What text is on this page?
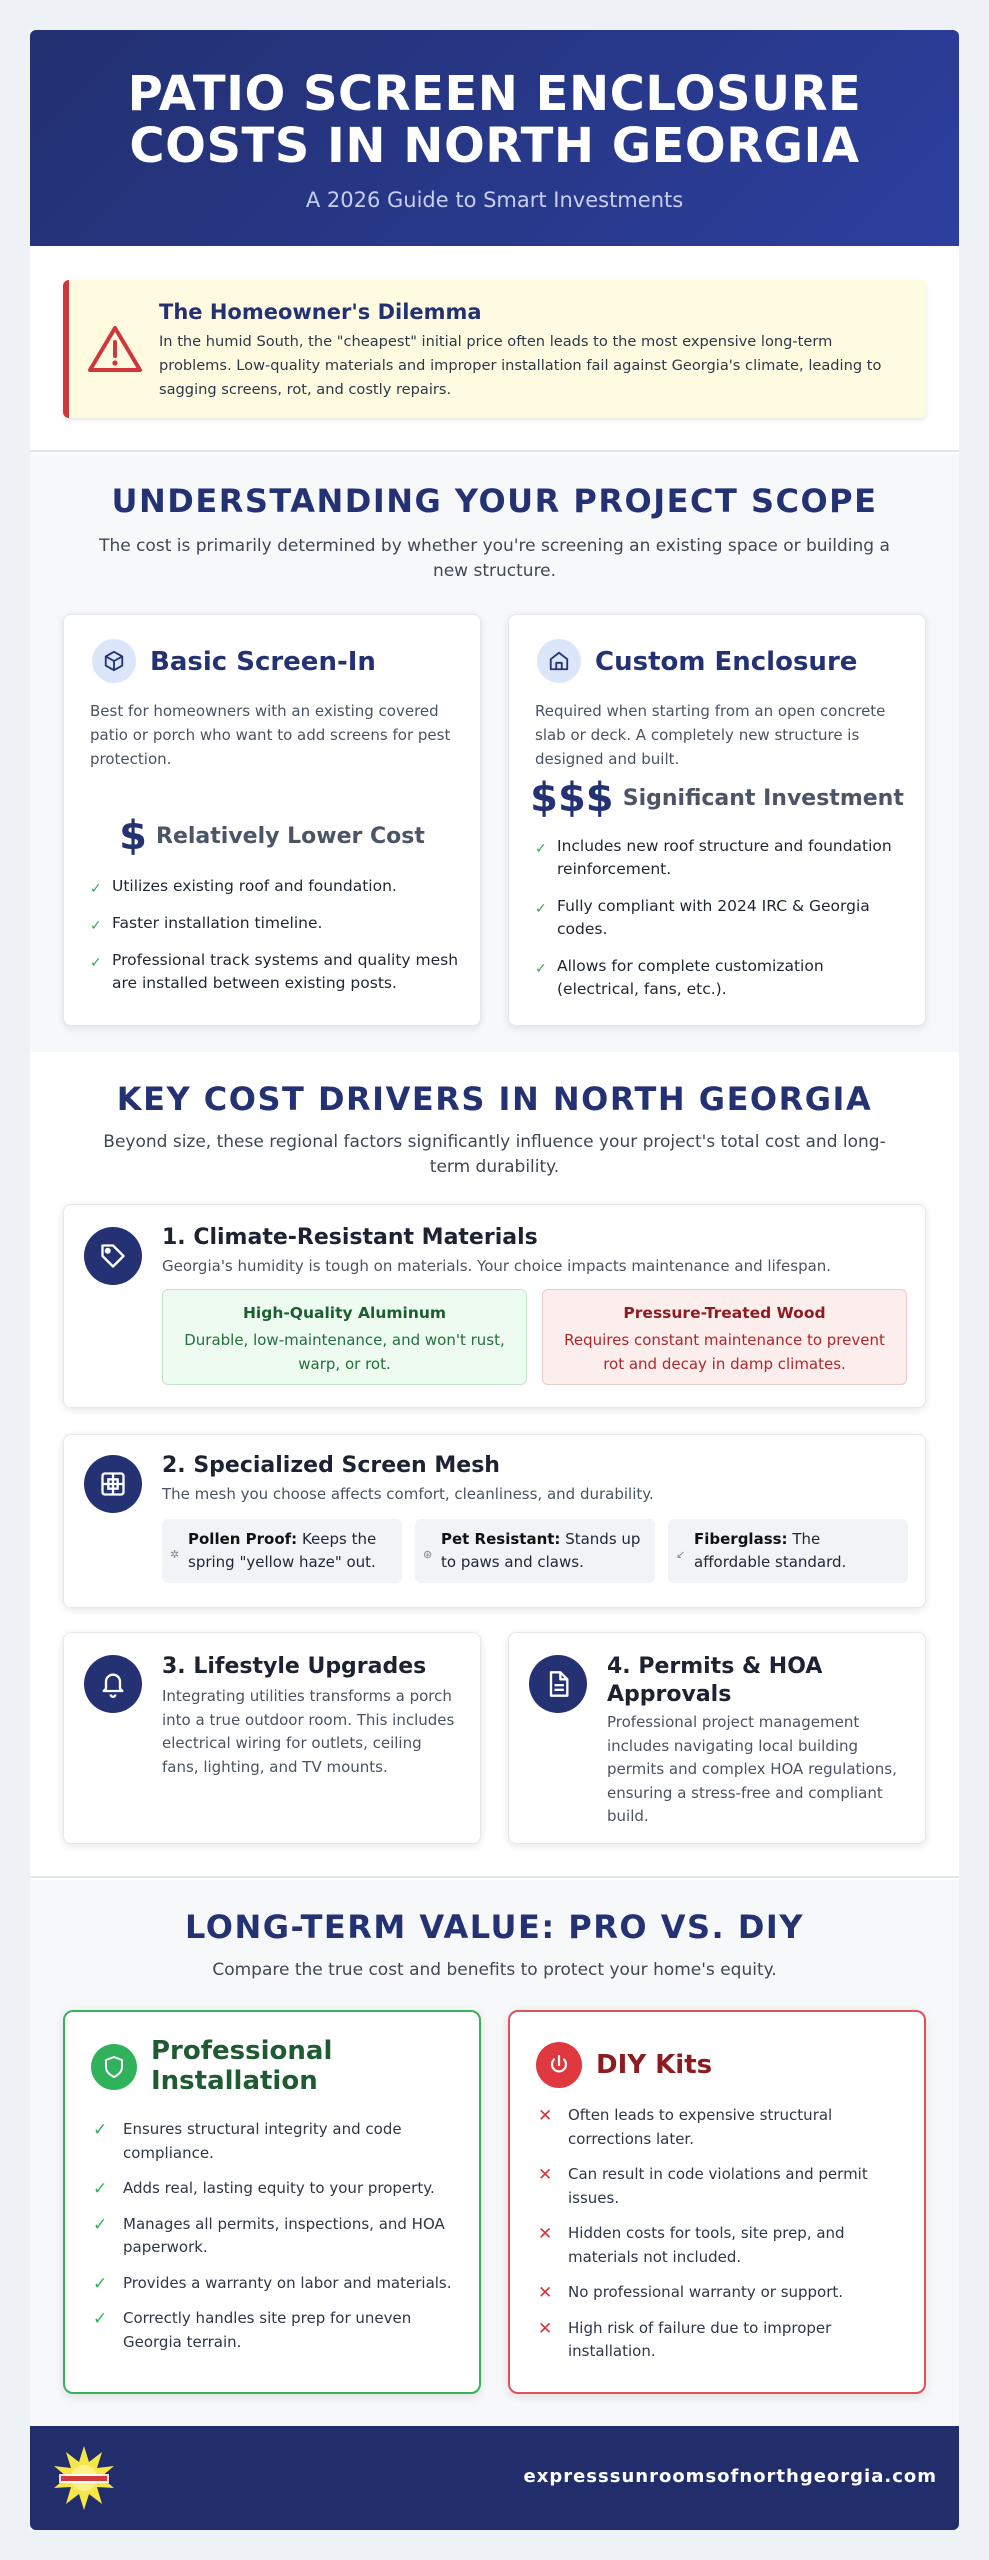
PATIO SCREEN ENCLOSURE
COSTS IN NORTH GEORGIA
A 2026 Guide to Smart Investments
The Homeowner's Dilemma

In the humid South, the "cheapest" initial price often leads to the most expensive long-term problems. Low-quality materials and improper installation fail against Georgia's climate, leading to sagging screens, rot, and costly repairs.

UNDERSTANDING YOUR PROJECT SCOPE
The cost is primarily determined by whether you're screening an existing space or building a new structure.
Basic Screen-In
Best for homeowners with an existing covered patio or porch who want to add screens for pest protection.
$ Relatively Lower Cost
✓ Utilizes existing roof and foundation.
✓ Faster installation timeline.
✓ Professional track systems and quality mesh are installed between existing posts.
Custom Enclosure
Required when starting from an open concrete slab or deck. A completely new structure is designed and built.
$$$ Significant Investment
✓ Includes new roof structure and foundation reinforcement.
✓ Fully compliant with 2024 IRC & Georgia codes.
✓ Allows for complete customization (electrical, fans, etc.).
KEY COST DRIVERS IN NORTH GEORGIA
Beyond size, these regional factors significantly influence your project's total cost and long-term durability.
1. Climate-Resistant Materials
Georgia's humidity is tough on materials. Your choice impacts maintenance and lifespan.
High-Quality Aluminum
Durable, low-maintenance, and won't rust, warp, or rot.
Pressure-Treated Wood
Requires constant maintenance to prevent rot and decay in damp climates.
2. Specialized Screen Mesh
The mesh you choose affects comfort, cleanliness, and durability.
✲
Pollen Proof: Keeps the spring "yellow haze" out.	⊛
Pet Resistant: Stands up to paws and claws.	↙
Fiberglass: The affordable standard.
3. Lifestyle Upgrades
Integrating utilities transforms a porch into a true outdoor room. This includes electrical wiring for outlets, ceiling fans, lighting, and TV mounts.
4. Permits & HOA Approvals
Professional project management includes navigating local building permits and complex HOA regulations, ensuring a stress-free and compliant build.
LONG-TERM VALUE: PRO VS. DIY
Compare the true cost and benefits to protect your home's equity.
Professional Installation
✓ Ensures structural integrity and code compliance.
✓ Adds real, lasting equity to your property.
✓ Manages all permits, inspections, and HOA paperwork.
✓ Provides a warranty on labor and materials.
✓ Correctly handles site prep for uneven Georgia terrain.
DIY Kits
✕ Often leads to expensive structural corrections later.
✕ Can result in code violations and permit issues.
✕ Hidden costs for tools, site prep, and materials not included.
✕ No professional warranty or support.
✕ High risk of failure due to improper installation.
expresssunroomsofnorthgeorgia.com
